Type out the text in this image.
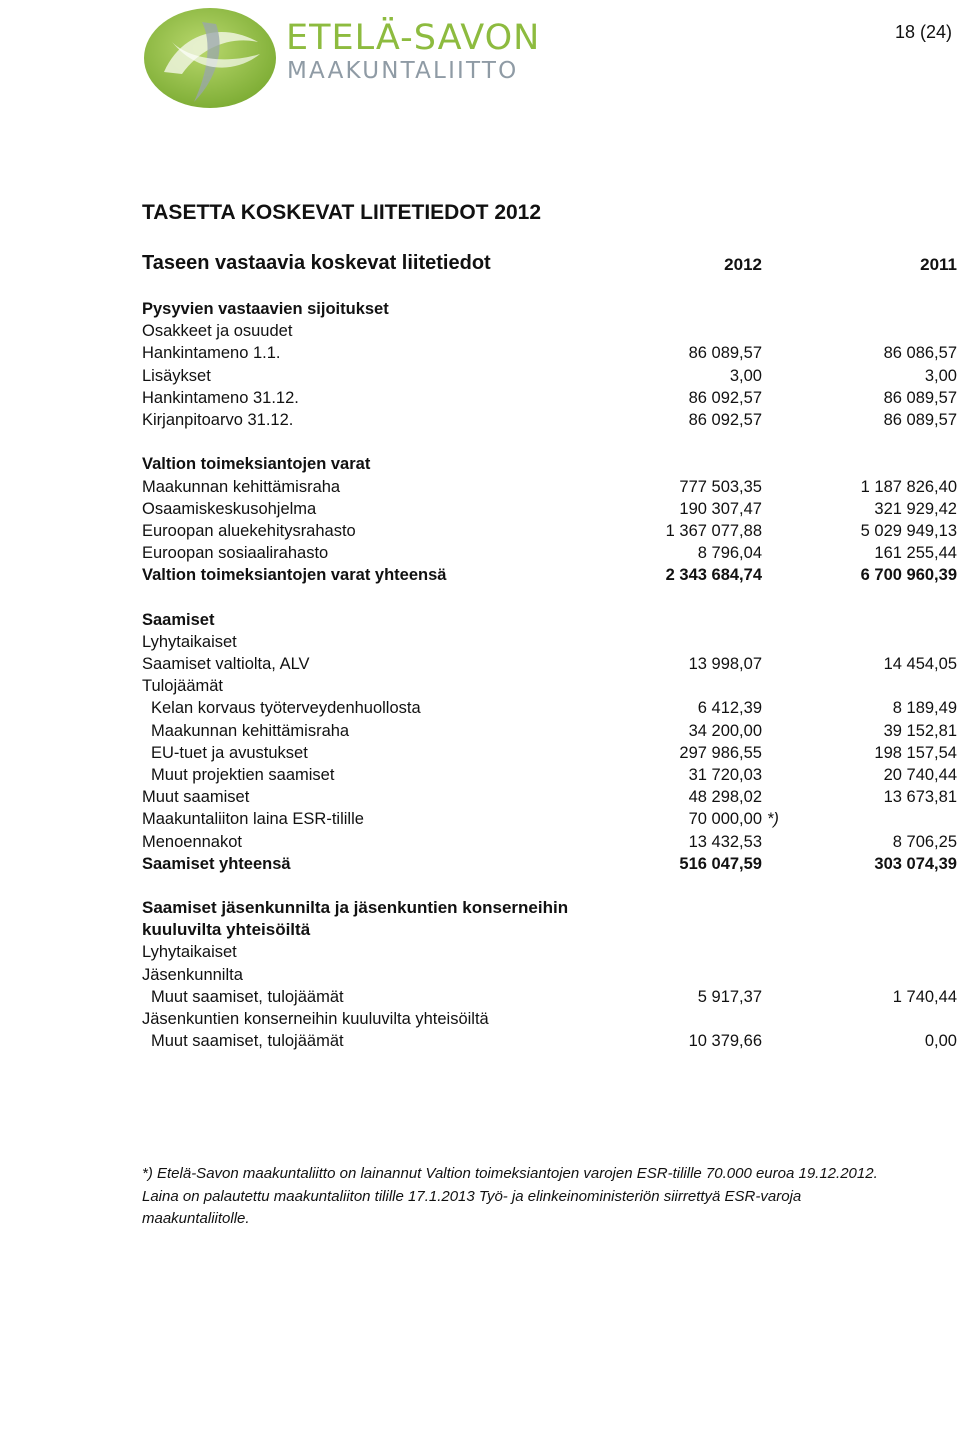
ETELÄ-SAVON
MAAKUNTALIITTO
18 (24)
TASETTA KOSKEVAT LIITETIEDOT 2012
Taseen vastaavia koskevat liitetiedot	2012	2011
Pysyvien vastaavien sijoitukset
Osakkeet ja osuudet
Hankintameno 1.1.	86 089,57	86 086,57
Lisäykset	3,00	3,00
Hankintameno 31.12.	86 092,57	86 089,57
Kirjanpitoarvo 31.12.	86 092,57	86 089,57
Valtion toimeksiantojen varat
Maakunnan kehittämisraha	777 503,35	1 187 826,40
Osaamiskeskusohjelma	190 307,47	321 929,42
Euroopan aluekehitysrahasto	1 367 077,88	5 029 949,13
Euroopan sosiaalirahasto	8 796,04	161 255,44
Valtion toimeksiantojen varat yhteensä	2 343 684,74	6 700 960,39
Saamiset
Lyhytaikaiset
Saamiset valtiolta, ALV	13 998,07	14 454,05
Tulojäämät
Kelan korvaus työterveydenhuollosta	6 412,39	8 189,49
Maakunnan kehittämisraha	34 200,00	39 152,81
EU-tuet ja avustukset	297 986,55	198 157,54
Muut projektien saamiset	31 720,03	20 740,44
Muut saamiset	48 298,02	13 673,81
Maakuntaliiton laina ESR-tilille	70 000,00 *)
Menoennakot	13 432,53	8 706,25
Saamiset yhteensä	516 047,59	303 074,39
Saamiset jäsenkunnilta ja jäsenkuntien konserneihin
kuuluvilta yhteisöiltä
Lyhytaikaiset
Jäsenkunnilta
Muut saamiset, tulojäämät	5 917,37	1 740,44
Jäsenkuntien konserneihin kuuluvilta yhteisöiltä
Muut saamiset, tulojäämät	10 379,66	0,00

*) Etelä-Savon maakuntaliitto on lainannut Valtion toimeksiantojen varojen ESR-tilille 70.000 euroa 19.12.2012.

Laina on palautettu maakuntaliiton tilille 17.1.2013 Työ- ja elinkeinoministeriön siirrettyä ESR-varoja

maakuntaliitolle.
